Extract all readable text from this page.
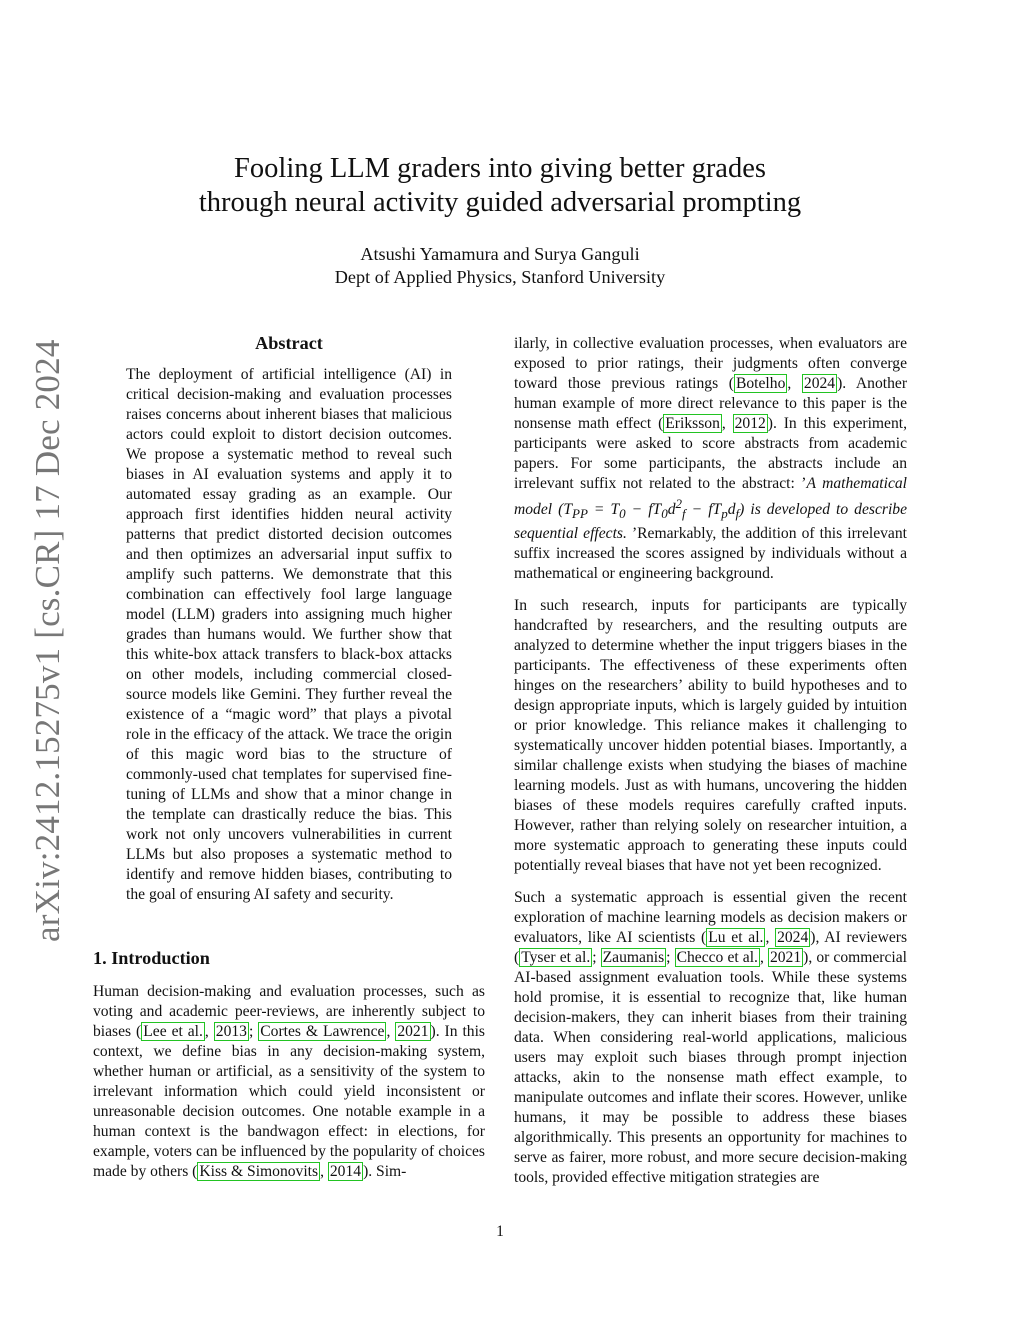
arXiv:2412.15275v1 [cs.CR] 17 Dec 2024
Fooling LLM graders into giving better grades
through neural activity guided adversarial prompting
Atsushi Yamamura and Surya Ganguli
Dept of Applied Physics, Stanford University
Abstract

The deployment of artificial intelligence (AI) in critical decision-making and evaluation processes raises concerns about inherent biases that malicious actors could exploit to distort decision outcomes. We propose a systematic method to reveal such biases in AI evaluation systems and apply it to automated essay grading as an example. Our approach first identifies hidden neural activity patterns that predict distorted decision outcomes and then optimizes an adversarial input suffix to amplify such patterns. We demonstrate that this combination can effectively fool large language model (LLM) graders into assigning much higher grades than humans would. We further show that this white-box attack transfers to black-box attacks on other models, including commercial closed-source models like Gemini. They further reveal the existence of a “magic word” that plays a pivotal role in the efficacy of the attack. We trace the origin of this magic word bias to the structure of commonly-used chat templates for supervised fine-tuning of LLMs and show that a minor change in the template can drastically reduce the bias. This work not only uncovers vulnerabilities in current LLMs but also proposes a systematic method to identify and remove hidden biases, contributing to the goal of ensuring AI safety and security.

1. Introduction

Human decision-making and evaluation processes, such as voting and academic peer-reviews, are inherently subject to biases ( Lee et al. , 2013 ; Cortes & Lawrence , 2021 ). In this context, we define bias in any decision-making system, whether human or artificial, as a sensitivity of the system to irrelevant information which could yield inconsistent or unreasonable decision outcomes. One notable example in a human context is the bandwagon effect: in elections, for example, voters can be influenced by the popularity of choices made by others ( Kiss & Simonovits , 2014 ). Sim-

ilarly, in collective evaluation processes, when evaluators are exposed to prior ratings, their judgments often converge toward those previous ratings ( Botelho , 2024 ). Another human example of more direct relevance to this paper is the nonsense math effect ( Eriksson , 2012 ). In this experiment, participants were asked to score abstracts from academic papers. For some participants, the abstracts include an irrelevant suffix not related to the abstract: ’A mathematical model $(T_{PP} = T_0 - fT_0d^2_f - fT_pd_f)$ is developed to describe sequential effects. ’Remarkably, the addition of this irrelevant suffix increased the scores assigned by individuals without a mathematical or engineering background.

In such research, inputs for participants are typically handcrafted by researchers, and the resulting outputs are analyzed to determine whether the input triggers biases in the participants. The effectiveness of these experiments often hinges on the researchers’ ability to build hypotheses and to design appropriate inputs, which is largely guided by intuition or prior knowledge. This reliance makes it challenging to systematically uncover hidden potential biases. Importantly, a similar challenge exists when studying the biases of machine learning models. Just as with humans, uncovering the hidden biases of these models requires carefully crafted inputs. However, rather than relying solely on researcher intuition, a more systematic approach to generating these inputs could potentially reveal biases that have not yet been recognized.

Such a systematic approach is essential given the recent exploration of machine learning models as decision makers or evaluators, like AI scientists ( Lu et al. , 2024 ), AI reviewers ( Tyser et al. ; Zaumanis ; Checco et al. , 2021 ), or commercial AI-based assignment evaluation tools. While these systems hold promise, it is essential to recognize that, like human decision-makers, they can inherit biases from their training data. When considering real-world applications, malicious users may exploit such biases through prompt injection attacks, akin to the nonsense math effect example, to manipulate outcomes and inflate their scores. However, unlike humans, it may be possible to address these biases algorithmically. This presents an opportunity for machines to serve as fairer, more robust, and more secure decision-making tools, provided effective mitigation strategies are

1
